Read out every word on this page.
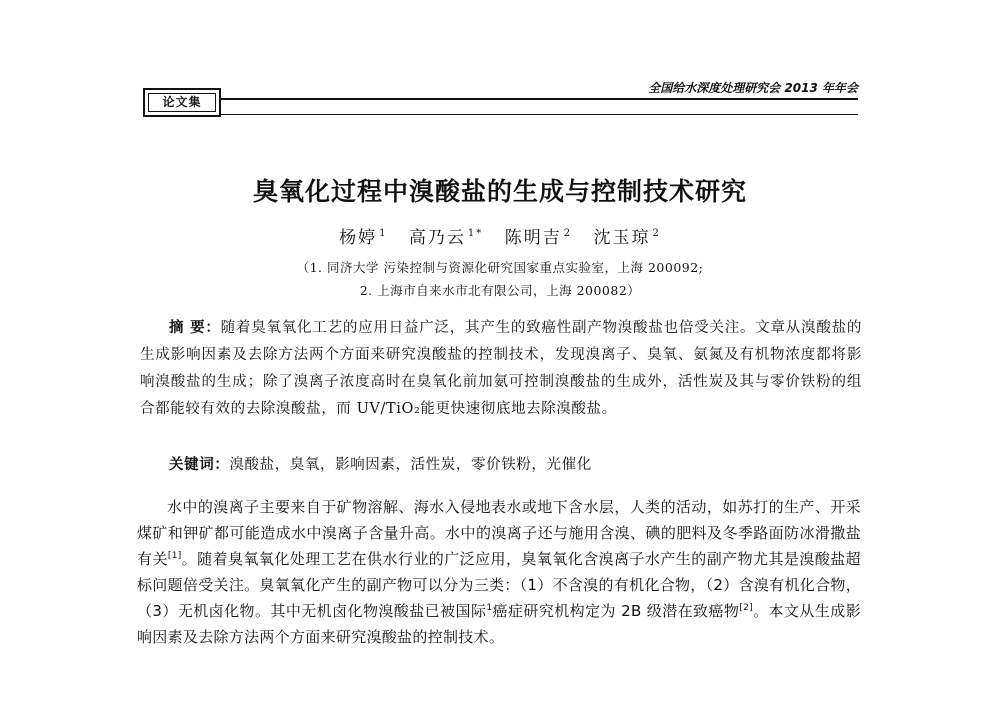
论文集
全国给水深度处理研究会 2013 年年会
臭氧化过程中溴酸盐的生成与控制技术研究
杨婷 $^1$ 高乃云 $^{1*}$ 陈明吉 $^2$ 沈玉琼 $^2$
（1. 同济大学 污染控制与资源化研究国家重点实验室，上海 200092;
2. 上海市自来水市北有限公司，上海 200082）

摘 要：随着臭氧氧化工艺的应用日益广泛，其产生的致癌性副产物溴酸盐也倍受关注。文章从溴酸盐的生成影响因素及去除方法两个方面来研究溴酸盐的控制技术，发现溴离子、臭氧、氨氮及有机物浓度都将影响溴酸盐的生成；除了溴离子浓度高时在臭氧化前加氨可控制溴酸盐的生成外，活性炭及其与零价铁粉的组合都能较有效的去除溴酸盐，而 UV/TiO₂能更快速彻底地去除溴酸盐。

关键词：溴酸盐，臭氧，影响因素，活性炭，零价铁粉，光催化

水中的溴离子主要来自于矿物溶解、海水入侵地表水或地下含水层，人类的活动，如苏打的生产、开采煤矿和钾矿都可能造成水中溴离子含量升高。水中的溴离子还与施用含溴、碘的肥料及冬季路面防冰滑撒盐有关[1]。随着臭氧氧化处理工艺在供水行业的广泛应用，臭氧氧化含溴离子水产生的副产物尤其是溴酸盐超标问题倍受关注。臭氧氧化产生的副产物可以分为三类：（1）不含溴的有机化合物，（2）含溴有机化合物，（3）无机卤化物。其中无机卤化物溴酸盐已被国际$^1$癌症研究机构定为 2B 级潜在致癌物[2]。本文从生成影响因素及去除方法两个方面来研究溴酸盐的控制技术。
